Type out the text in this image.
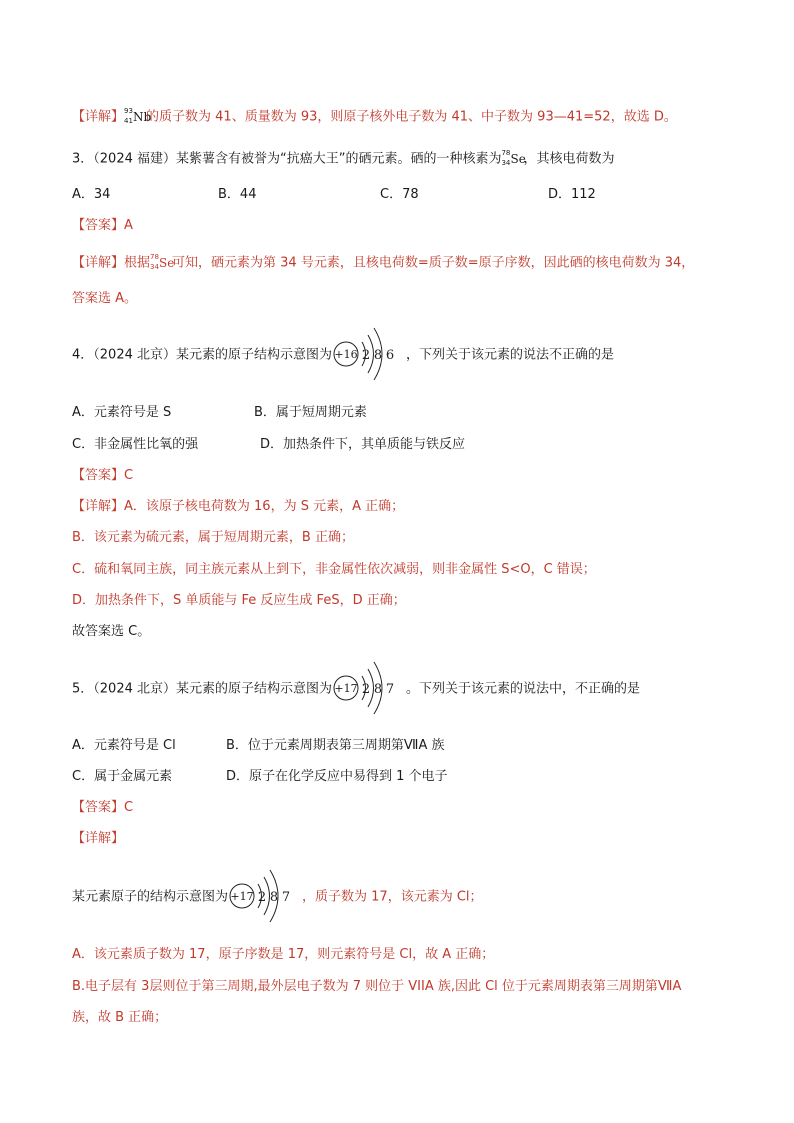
【详解】 93
41 Nb
的质子数为 41、质量数为 93，则原子核外电子数为 41、中子数为 93—41=52，故选 D。
3．（2024 福建）某紫薯含有被誉为“抗癌大王”的硒元素。硒的一种核素为 78
34 Se
，其核电荷数为
A．34	B．44	C．78	D．112
【答案】A
【详解】根据 78
34 Se
可知，硒元素为第 34 号元素，且核电荷数=质子数=原子序数，因此硒的核电荷数为 34，
答案选 A。
4．（2024 北京）某元素的原子结构示意图为 +16 2 8 6 ，下列关于该元素的说法不正确的是
A．元素符号是 S	B．属于短周期元素
C．非金属性比氧的强	D．加热条件下，其单质能与铁反应
【答案】C
【详解】A．该原子核电荷数为 16，为 S 元素，A 正确；
B．该元素为硫元素，属于短周期元素，B 正确；
C．硫和氧同主族，同主族元素从上到下，非金属性依次减弱，则非金属性 S<O，C 错误；
D．加热条件下，S 单质能与 Fe 反应生成 FeS，D 正确；
故答案选 C。
5．（2024 北京）某元素的原子结构示意图为 +17 2 8 7 。下列关于该元素的说法中，不正确的是
A．元素符号是 Cl	B．位于元素周期表第三周期第ⅦA 族
C．属于金属元素	D．原子在化学反应中易得到 1 个电子
【答案】C
【详解】
某元素原子的结构示意图为 +17 2 8 7 ，质子数为 17，该元素为 Cl；
A．该元素质子数为 17，原子序数是 17，则元素符号是 Cl，故 A 正确；
B.电子层有 3层则位于第三周期,最外层电子数为 7 则位于 VIIA 族,因此 Cl 位于元素周期表第三周期第ⅦA
族，故 B 正确；
